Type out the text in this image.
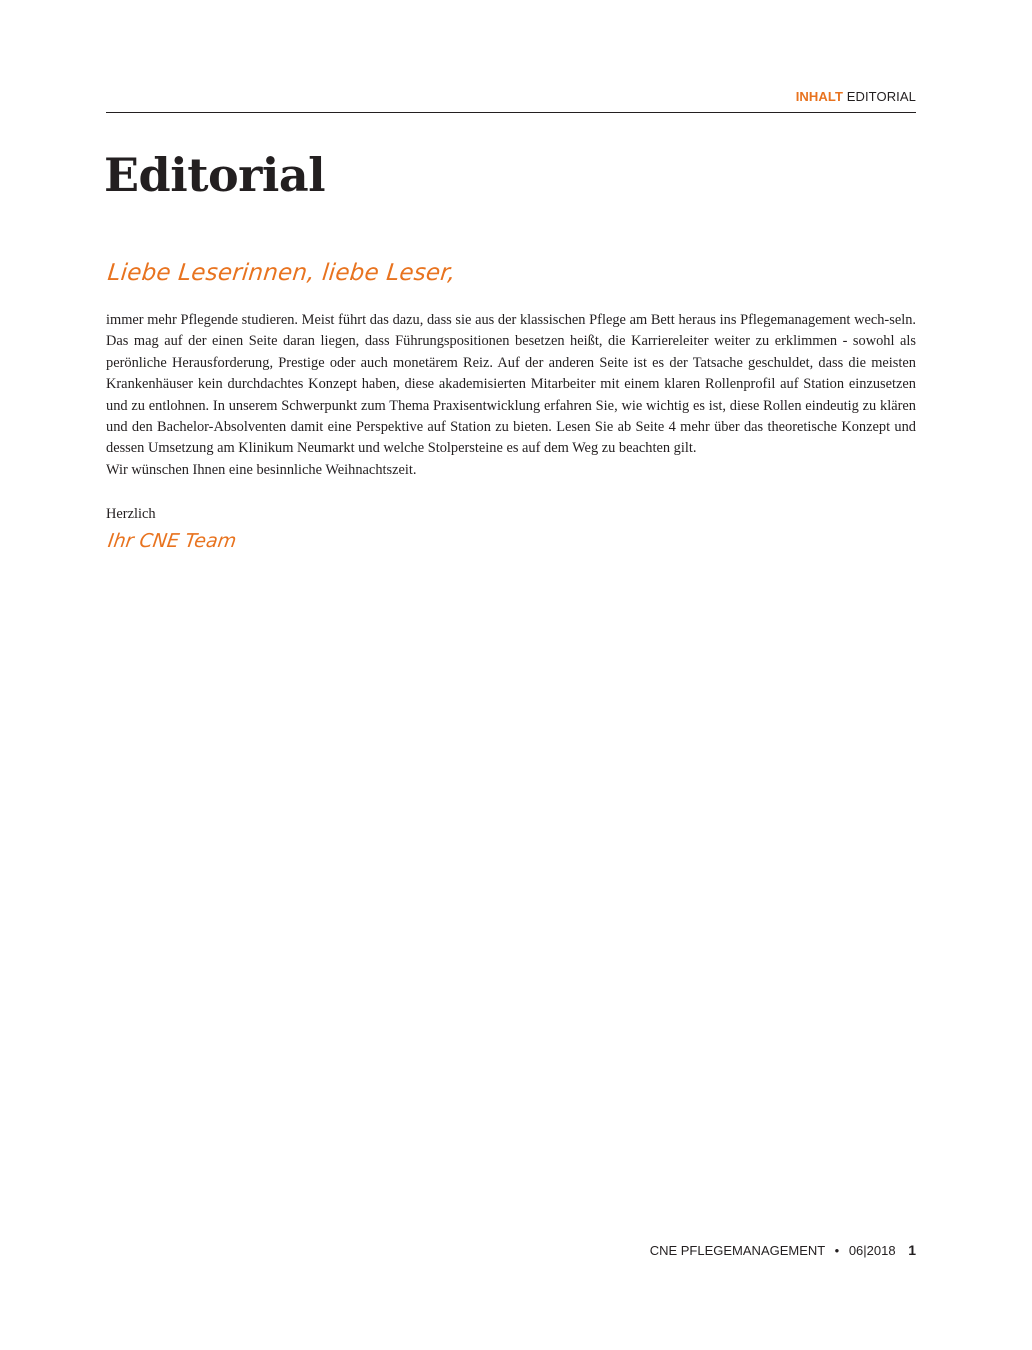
INHALT EDITORIAL
Editorial
Liebe Leserinnen, liebe Leser,

immer mehr Pflegende studieren. Meist führt das dazu, dass sie aus der klassischen Pflege am Bett heraus ins Pflegemanagement wech-seln. Das mag auf der einen Seite daran liegen, dass Führungspositionen besetzen heißt, die Karriereleiter weiter zu erklimmen - sowohl als perönliche Herausforderung, Prestige oder auch monetärem Reiz. Auf der anderen Seite ist es der Tatsache geschuldet, dass die meisten Krankenhäuser kein durchdachtes Konzept haben, diese akademisierten Mitarbeiter mit einem klaren Rollenprofil auf Station einzusetzen und zu entlohnen. In unserem Schwerpunkt zum Thema Praxisentwicklung erfahren Sie, wie wichtig es ist, diese Rollen eindeutig zu klären und den Bachelor-Absolventen damit eine Perspektive auf Station zu bieten. Lesen Sie ab Seite 4 mehr über das theoretische Konzept und dessen Umsetzung am Klinikum Neumarkt und welche Stolpersteine es auf dem Weg zu beachten gilt.
Wir wünschen Ihnen eine besinnliche Weihnachtszeit.

Herzlich
Ihr CNE Team
CNE PFLEGEMANAGEMENT • 06|2018 1
